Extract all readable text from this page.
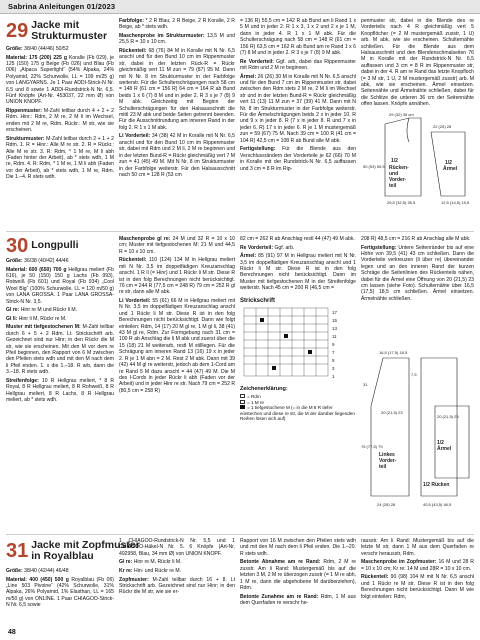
Sabrina Anleitungen 01/2023
29 Jacke mit
Strukturmuster

Größe: 38/40 (44/46) 50/52

Material: 175 (200) 225 g Koralle (Fb 029), je 125 (150) 175 g Beige (Fb 026) und Blau (Fb 006) „Alpaca Superlight“ (54% Alpaka, 24% Polyamid, 22% Schurwolle, LL = 199 m/25 g) von LANGYARNS. Je 1 Paar ADDI-Strick-N Nr. 6,5 und 8 sowie 1 ADDI-Rundstrick-N Nr. 6,5. Fünf Knöpfe (Art-Nr. 453037, 22 mm Ø) von UNION KNOPF.

Rippenmuster: M-Zahl teilbar durch 4 + 2 + 2 Rdm. Hinr.: Rdm, 2 M re, 2 M li im Wechsel, enden mit 2 M re, Rdm. Rückr.: M str, wie sie erscheinen.

Strukturmuster: M-Zahl teilbar durch 2 + 1 + 2 Rdm. 1. R = Hinr.: Alle M re str. 2. R = Rückr.: Alle M re str. 3. R: Rdm, * 1 M re, M li abh (Faden hinter der Arbeit), ab * stets wdh, 1 M re, Rdm. 4. R: Rdm, * 1 M re, 1 M li abh (Faden vor der Arbeit), ab * stets wdh, 1 M re, Rdm. Die 1.–4. R stets wdh.

Farbfolge: * 2 R Blau, 2 R Beige, 2 R Koralle, 2 R Beige, ab * stets wdh.

Maschenprobe im Strukturmuster: 13,5 M und 25,5 R = 10 x 10 cm.

Rückenteil: 68 (76) 84 M in Koralle mit N Nr. 6,5 anschl und für den Bund 10 cm im Rippenmuster str, dabei in der letzten Rück-R = Rückr gleichmäßig vert 11 M zun = 79 (87) 95 M. Dann mit N Nr. 8 im Strukturmuster in der Farbfolge weiterstr. Für die Schulterschrägungen nach 58 cm = 148 R (61 cm = 156 R) 64 cm = 164 R ab Bund beids 1 x 6 (7) 8 M und in jeder 2. R 3 x je 7 (8) 9 M abk. Gleichzeitig mit Beginn der Schulterschrägungen für den Halsausschnitt die mittl 23 M abk und beide Seiten getrennt beenden. Für die Ausschnittrundung am inneren Rand in der folg 2. R 1 x 1 M abk.

Li Vorderteil: 34 (38) 42 M in Koralle mit N Nr. 6,5 anschl und für den Bund 10 cm im Rippenmuster str, dabei mit Rdm und 2 M li, 2 M re beginnen und in der letzten Bund-R = Rückr gleichmäßig vert 7 M zun = 41 (45) 49 M. Mit N Nr. 8 im Strukturmuster in der Farbfolge weiterstr. Für den Halsausschnitt nach 50 cm = 128 R (53 cm

= 136 R) 55,5 cm = 142 R ab Bund am li Rand 1 x 5 M und in jeder 2. R 1 x 3, 1 x 2 und 2 x je 1 M, dann in jeder 4. R 1 x 1 M abk. Für die Schulterschrägung nach 58 cm = 148 R (61 cm = 156 R) 63,5 cm = 162 R ab Bund am re Rand 1 x 6 (7) 8 M und in jeder 2. R 3 x je 7 (8) 9 M abk.

Re Vorderteil: Ggf. arb, dabei das Rippenmuster mit Rdm und 2 M re beginnen.

Ärmel: 26 (26) 30 M in Koralle mit N Nr. 6,5 anschl und für den Bund 7 cm im Rippenmuster str, dabei zwischen den Rdm stets 2 M re, 2 M li im Wechsel str und in der letzten Bund-R = Rückr gleichmäßig vert 11 (13) 11 M zun = 37 (39) 41 M. Dann mit N Nr. 8 im Strukturmuster in der Farbfolge weiterstr. Für die Ärmelschrägungen beids 2 x in jeder 10. R und 9 x in jeder 8. R (7 x in jeder 8. R und 7 x in jeder 6. R) 17 x in jeder 6. R je 1 M mustergemäß zun = 59 (67) 75 M. Nach 39 cm = 100 R (41 cm = 104 R) 42,5 cm = 108 R ab Bund alle M abk.

Fertigstellung: Für die Blende aus den Verschlussrändern der Vorderteile je 62 (66) 70 M in Koralle mit der Rundstrick-N Nr. 6,5 auffassen und 3 cm = 8 R im Rip-

penmuster str, dabei in die Blende des re Vorderteils nach 4 R gleichmäßig vert 5 Knopflöcher (= 2 M mustergemäß zusstr, 1 U) arb. M abk, wie sie erscheinen. Schulternähte schließen. Für die Blende aus dem Halsausschnitt und den Blendenschmalseiten 76 M in Koralle mit der Rundstrick-N Nr. 6,5 auffassen und 3 cm = 8 R im Rippenmuster str, dabei in der 4. R am re Rand das letzte Knopfloch (= 3 M str, 1 U, 2 M mustergemäß zusstr) arb. M abk, wie sie erscheinen. Ärmel einsetzen. Seitennähte und Ärmelnähte schließen, dabei für die Schlitze die unteren 36 cm der Seitennähte offen lassen. Knöpfe annähen.

29 (32) 35 cm
50 (53) 55,5
1/2
Rücken-
und
Vorder-
teil
22 (25) 28
1/2
Ärmel
29,5 (32,5) 35,5	12,5 (14,5) 15,5
30 Longpulli

Größe: 36/38 (40/42) 44/46

Material: 600 (650) 700 g Hellgrau meliert (Fb 616), je 50 (150) 150 g Lachs (Fb 993), Rotweiß (Fb 601) und Royal (Fb 934) „Cool Wool Big“ (100% Schurwolle, LL = 120 m/50 g) von LANA GROSSA. 1 Paar LANA GROSSA-Strick-N Nr. 3,5.

Gl re: Hinr re M und Rückr li M.

Gl li: Hinr li M, Rückr re M.

Muster mit tiefgestochenen M: M-Zahl teilbar durch 6 + 5 + 2 Rdm. Lt. Strickschrift arb. Gezeichnet sind nur Hinr; in den Rückr die M str, wie sie erscheinen. Mit den M vor dem re Pfeil beginnen, den Rapport von 6 M zwischen den Pfeilen stets wdh und mit den M nach dem li Pfeil enden. 1. x die 1.–18. R arb, dann die 3.–18. R stets wdh.

Streifenfolge: 10 R Hellgrau meliert, * 8 R Royal, 8 R Hellgrau meliert, 8 R Rohweiß, 8 R Hellgrau meliert, 8 R Lachs, 8 R Hellgrau meliert, ab * stets wdh.

Maschenprobe gl re: 24 M und 32 R = 10 x 10 cm; Muster mit tiefgestochenen M: 21 M und 44,5 R = 10 x 10 cm.

Rückenteil: 110 (124) 134 M in Hellgrau meliert mit N Nr. 3,5 im doppelfädigen Kreuzanschlag anschl. 1 R li (= Hinr) und 1 Rückr li M str. Diese R ist in den folg Berechnungen nicht berücksichtigt. 76 cm = 244 R (77,5 cm = 248 R) 79 cm = 252 R gl re str, dann alle M abk.

Li Vorderteil: 55 (61) 66 M in Hellgrau meliert mit N Nr. 3,5 im doppelfädigen Kreuzanschlag anschl und 1 Rückr li M str. Diese R ist in den folg Berechnungen nicht berücksichtigt. Dann wie folgt einteilen: Rdm, 14 (17) 20 M gl re, 1 M gl li, 38 (41) 43 M gl re, Rdm. Zur Formgebung nach 31 cm = 100 R ab Anschlag die li M abk und zuerst über die 15 (18) 21 M weiterarb, restl M stilllegen. Für die Schrägung am inneren Rand 13 (16) 19 x in jeder 2. R je 1 M abn = 2 M. Rest 2 M abk. Dann mit 39 (42) 44 M gl re weiterstr, jedoch ab dem 1-Cord am re Rand 5 M dazu anschl = 44 (47) 49 M. Die M des I-Cords in jeder Rückr li abh (Faden vor der Arbeit) und in jeder Hinr re str. Nach 79 cm = 252 R (80,5 cm = 258 R)

82 cm = 262 R ab Anschlag restl 44 (47) 49 M abk.

Re Vorderteil: Ggf. arb.

Ärmel: 85 (91) 97 M in Hellgrau meliert mit N Nr. 3,5 im doppelfädigen Kreuzanschlag anschl und 1 Rückr li M str. Diese R ist in den folg Berechnungen nicht berücksichtigt. Dann im Muster mit tiefgestochenen M in der Streifenfolge weiterstr. Nach 45 cm = 200 R (46,5 cm =

208 R) 48,5 cm = 216 R ab Anschlag alle M abk.

Fertigstellung: Untere Seitenränder bis auf eine Höhe von 39,5 (41) 43 cm schließen. Dann die Vorderteile verkreuzen (li über re) übereinander legen und an den inneren Rand der kurzen Schräge die Seitenlinien des Rückenteils nähen, dabei für die Ärmel eine Öffnung von 20 (21,5) 23 cm lassen (siehe Foto). Schulternähte über 16,5 (17,5) 18,5 cm schließen. Ärmel einsetzen. Ärmelnähte schließen.

Strickschrift
17
15
13
11
9
7
5
3
1
Zeichenerklärung:
= Rdm
= 1 M re
= 1 tiefgestochene M (= in die M 8 R tiefer einstechen und diese re str, die M der darüber liegenden Reihen lösen sich auf)
16,5 (17,5) 18,5
7,5
31
20 (21,5) 23
76 (77,5) 79
Linkes
Vorder-
teil
24 (28) 28
1/2
Ärmel
1/2 Rücken
20 (21,5) 23
40,5 (43,5) 46,5
31 Jacke mit Zopfmuster
in Royalblau

Größe: 38/40 (42/44) 46/48

Material: 400 (450) 500 g Royalblau (Fb 06) „Line 503 Pivoine“ (42% Schurwolle, 31% Alpaka, 26% Polyamid, 1% Elasthan, LL = 165 m/50 g) von ONLINE. 1 Paar CHIAGOO-Strick-N Nr. 6,5 sowie

1 CHIAGOO-Rundstrick-N Nr. 5,5 und 1 CHIAGOO-Häkel-N Nr. 5. 6 Knöpfe (Art-Nr. 492958, Blau, 34 mm Ø) von UNION KNOPF.

Gl re: Hinr re M, Rückr li M.

Kr re: Hin- und Rückr re M.

Zopfmuster: M-Zahl teilbar durch 16 + 8. Lt Strickschrift arb. Gezeichnet sind nur Hinr; in den Rückr die M str, wie sie er-

Rapport von 16 M zwischen den Pfeilen stets wdh und mit den M nach dem li Pfeil enden. Die 1.–20. R stets wdh.

Betonte Abnahme am re Rand: Rdm, 2 M re zusstr. Am li Rand: Mustergemäß bis auf die letzten 3 M, 2 M re überzogen zusstr (= 1 M re abh, 1 M re, dann die abgehobene M darüberziehen), Rdm.

Betonte Zunahme am re Rand: Rdm, 1 M aus dem Querfaden re verschr he-

rausstr. Am li Rand: Mustergemäß bis auf die letzte M str, dann 1 M aus dem Querfaden re verschr herausstr, Rdm.

Maschenprobe im Zopfmuster: 16 M und 28 R = 10 x 10 cm; Kr re: 14 M und 28R = 10 x 10 cm.

Rückenteil: 90 (98) 104 M mit N Nr. 6,5 anschl und 1 Rückr re M str. Diese R ist in den folg Berechnungen nicht berücksichtigt. Dann M wie folgt einteilen: Rdm,

48
